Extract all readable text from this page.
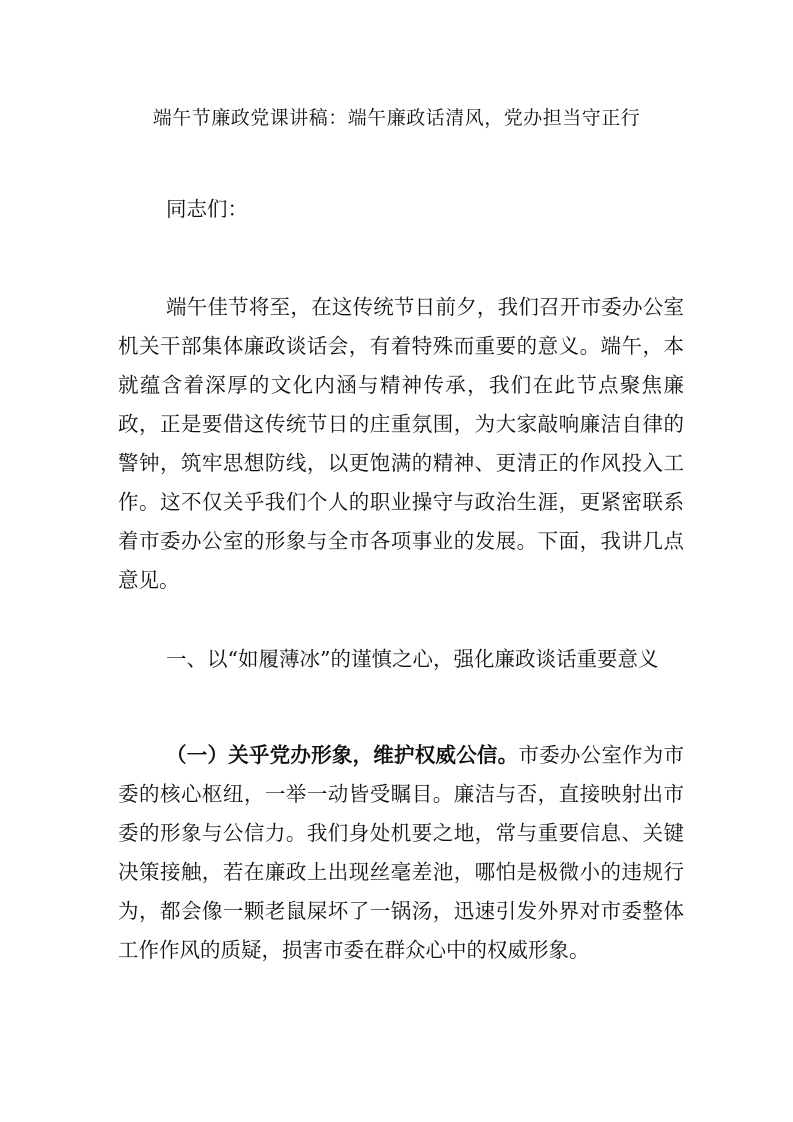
端午节廉政党课讲稿：端午廉政话清风，党办担当守正行

同志们：

端午佳节将至，在这传统节日前夕，我们召开市委办公室机关干部集体廉政谈话会，有着特殊而重要的意义。端午，本就蕴含着深厚的文化内涵与精神传承，我们在此节点聚焦廉政，正是要借这传统节日的庄重氛围，为大家敲响廉洁自律的警钟，筑牢思想防线，以更饱满的精神、更清正的作风投入工作。这不仅关乎我们个人的职业操守与政治生涯，更紧密联系着市委办公室的形象与全市各项事业的发展。下面，我讲几点意见。

一、以“如履薄冰”的谨慎之心，强化廉政谈话重要意义

（一）关乎党办形象，维护权威公信。市委办公室作为市委的核心枢纽，一举一动皆受瞩目。廉洁与否，直接映射出市委的形象与公信力。我们身处机要之地，常与重要信息、关键决策接触，若在廉政上出现丝毫差池，哪怕是极微小的违规行为，都会像一颗老鼠屎坏了一锅汤，迅速引发外界对市委整体工作作风的质疑，损害市委在群众心中的权威形象。
